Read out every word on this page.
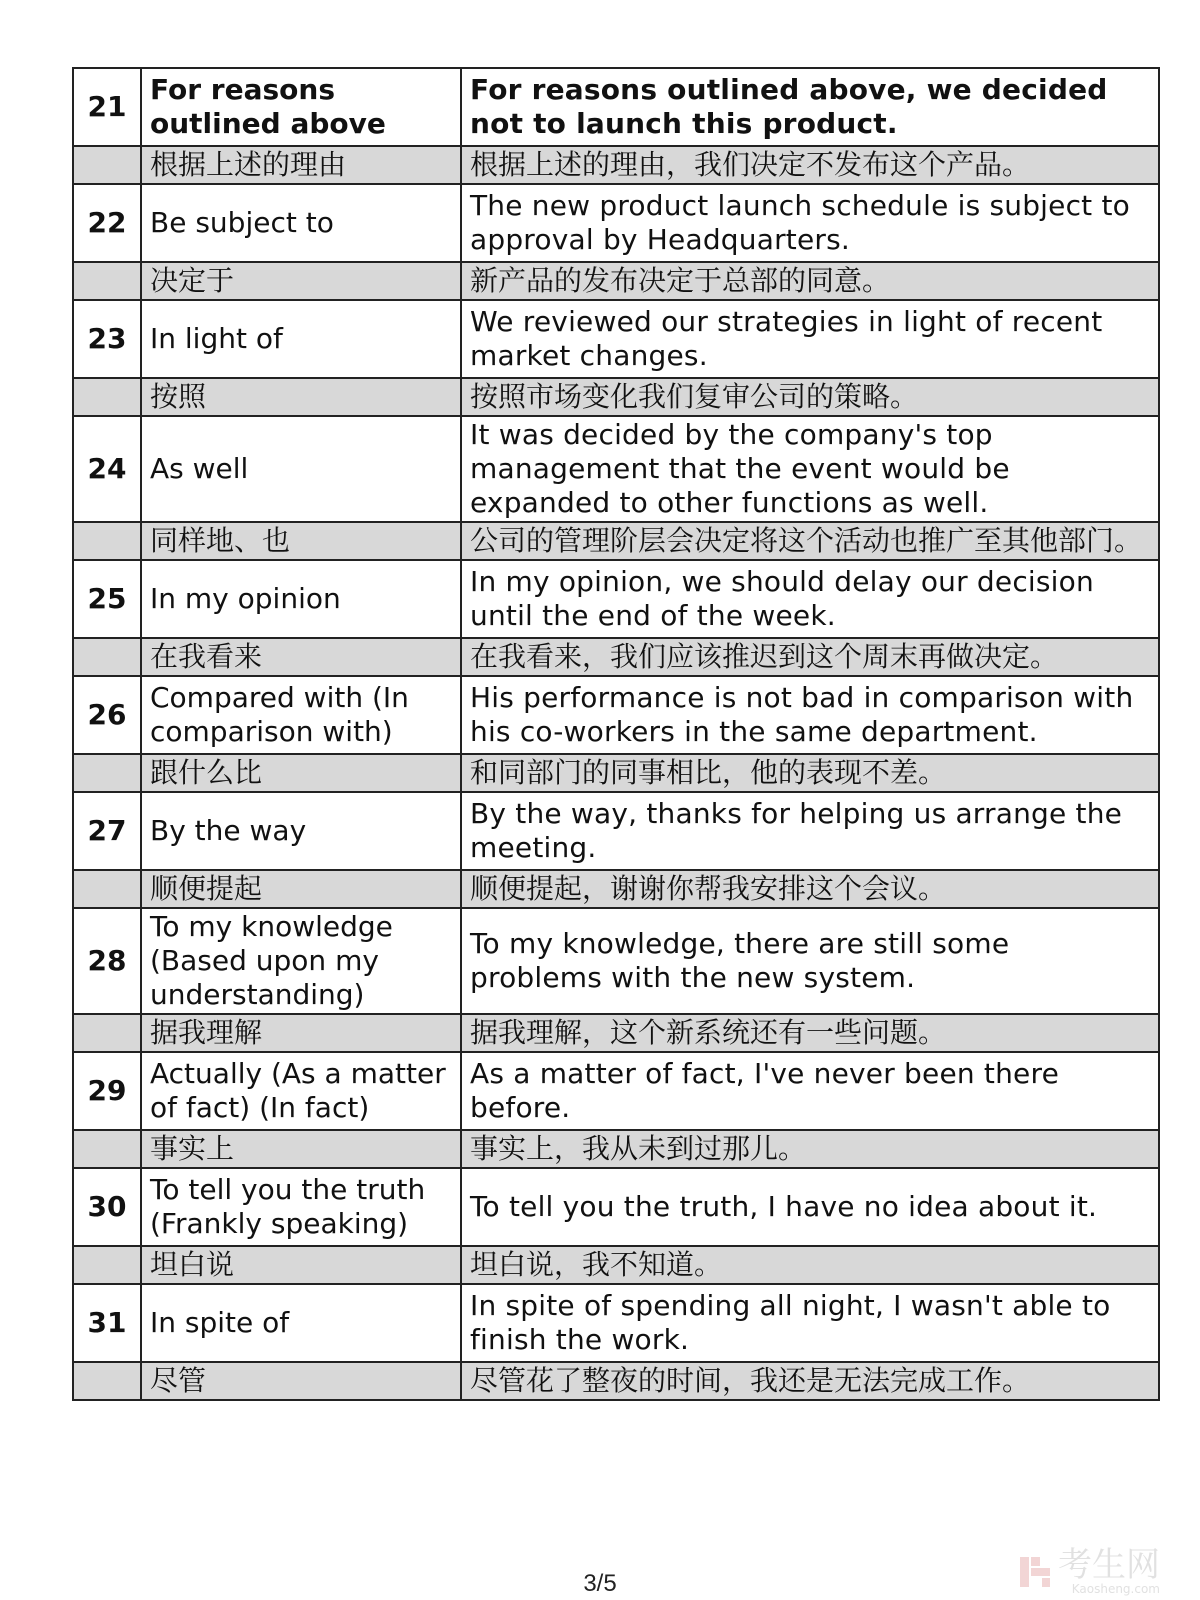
21	For reasons outlined above	For reasons outlined above, we decided not to launch this product.
	根据上述的理由	根据上述的理由，我们决定不发布这个产品。
22	Be subject to	The new product launch schedule is subject to approval by Headquarters.
	决定于	新产品的发布决定于总部的同意。
23	In light of	We reviewed our strategies in light of recent market changes.
	按照	按照市场变化我们复审公司的策略。
24	As well	It was decided by the company's top management that the event would be expanded to other functions as well.
	同样地、也	公司的管理阶层会决定将这个活动也推广至其他部门。
25	In my opinion	In my opinion, we should delay our decision until the end of the week.
	在我看来	在我看来，我们应该推迟到这个周末再做决定。
26	Compared with (In comparison with)	His performance is not bad in comparison with his co-workers in the same department.
	跟什么比	和同部门的同事相比，他的表现不差。
27	By the way	By the way, thanks for helping us arrange the meeting.
	顺便提起	顺便提起，谢谢你帮我安排这个会议。
28	To my knowledge (Based upon my understanding)	To my knowledge, there are still some problems with the new system.
	据我理解	据我理解，这个新系统还有一些问题。
29	Actually (As a matter of fact) (In fact)	As a matter of fact, I've never been there before.
	事实上	事实上，我从未到过那儿。
30	To tell you the truth (Frankly speaking)	To tell you the truth, I have no idea about it.
	坦白说	坦白说，我不知道。
31	In spite of	In spite of spending all night, I wasn't able to finish the work.
	尽管	尽管花了整夜的时间，我还是无法完成工作。
3/5	考生网
Kaosheng.com
